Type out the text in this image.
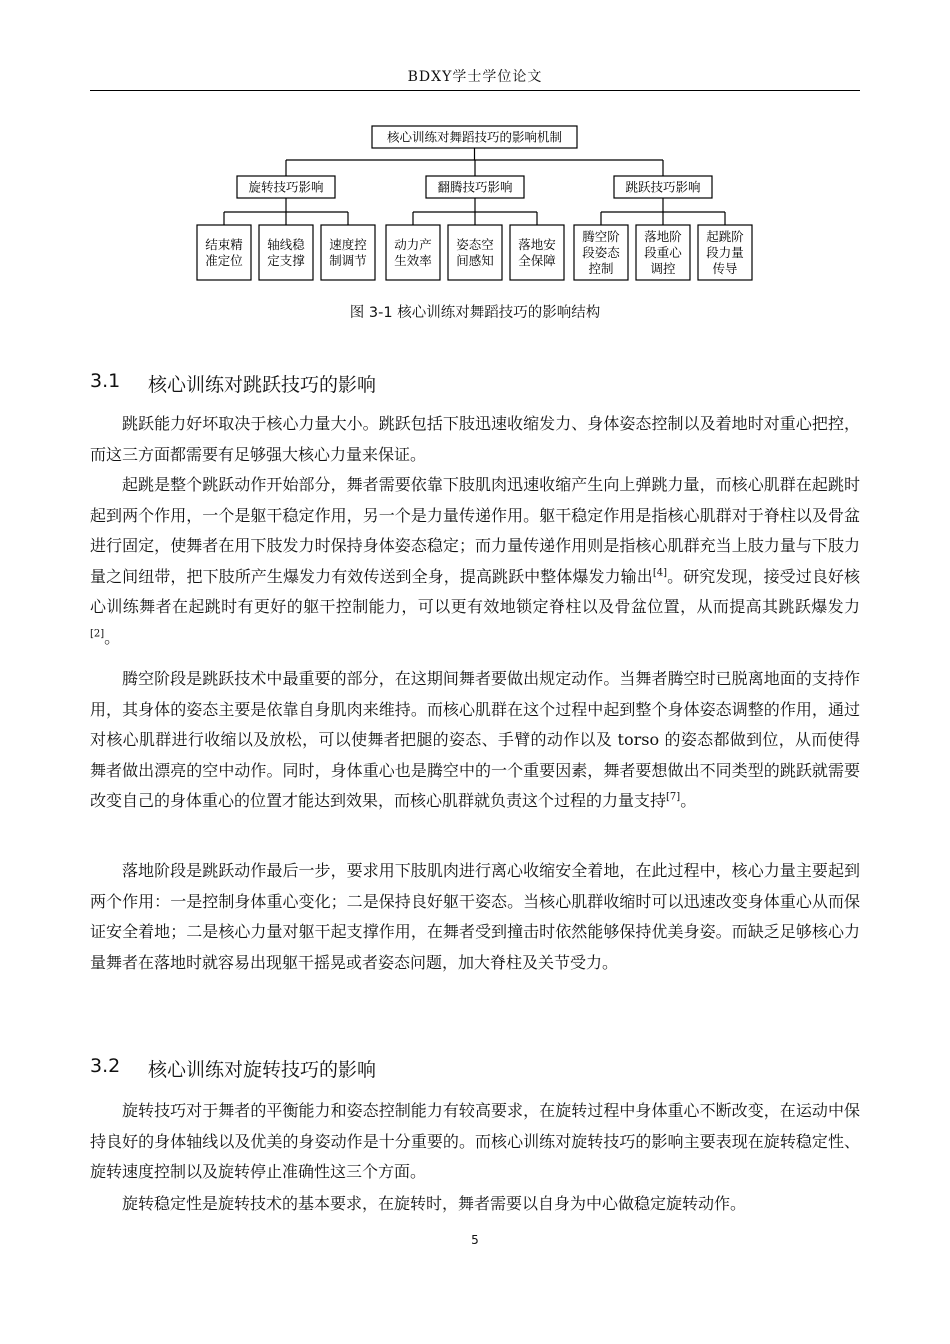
BDXY学士学位论文
核心训练对舞蹈技巧的影响机制
旋转技巧影响
结束精
准定位
轴线稳
定支撑
速度控
制调节
翻腾技巧影响
动力产
生效率
姿态空
间感知
落地安
全保障
跳跃技巧影响
腾空阶
段姿态
控制
落地阶
段重心
调控
起跳阶
段力量
传导
图 3-1 核心训练对舞蹈技巧的影响结构
3.1	核心训练对跳跃技巧的影响

跳跃能力好坏取决于核心力量大小。跳跃包括下肢迅速收缩发力、身体姿态控制以及着地时对重心把控，而这三方面都需要有足够强大核心力量来保证。

起跳是整个跳跃动作开始部分，舞者需要依靠下肢肌肉迅速收缩产生向上弹跳力量，而核心肌群在起跳时起到两个作用，一个是躯干稳定作用，另一个是力量传递作用。躯干稳定作用是指核心肌群对于脊柱以及骨盆进行固定，使舞者在用下肢发力时保持身体姿态稳定；而力量传递作用则是指核心肌群充当上肢力量与下肢力量之间纽带，把下肢所产生爆发力有效传送到全身，提高跳跃中整体爆发力输出[4]。研究发现，接受过良好核心训练舞者在起跳时有更好的躯干控制能力，可以更有效地锁定脊柱以及骨盆位置，从而提高其跳跃爆发力[2]。

腾空阶段是跳跃技术中最重要的部分，在这期间舞者要做出规定动作。当舞者腾空时已脱离地面的支持作用，其身体的姿态主要是依靠自身肌肉来维持。而核心肌群在这个过程中起到整个身体姿态调整的作用，通过对核心肌群进行收缩以及放松，可以使舞者把腿的姿态、手臂的动作以及 torso 的姿态都做到位，从而使得舞者做出漂亮的空中动作。同时，身体重心也是腾空中的一个重要因素，舞者要想做出不同类型的跳跃就需要改变自己的身体重心的位置才能达到效果，而核心肌群就负责这个过程的力量支持[7]。

落地阶段是跳跃动作最后一步，要求用下肢肌肉进行离心收缩安全着地，在此过程中，核心力量主要起到两个作用：一是控制身体重心变化；二是保持良好躯干姿态。当核心肌群收缩时可以迅速改变身体重心从而保证安全着地；二是核心力量对躯干起支撑作用，在舞者受到撞击时依然能够保持优美身姿。而缺乏足够核心力量舞者在落地时就容易出现躯干摇晃或者姿态问题，加大脊柱及关节受力。

3.2	核心训练对旋转技巧的影响

旋转技巧对于舞者的平衡能力和姿态控制能力有较高要求，在旋转过程中身体重心不断改变，在运动中保持良好的身体轴线以及优美的身姿动作是十分重要的。而核心训练对旋转技巧的影响主要表现在旋转稳定性、旋转速度控制以及旋转停止准确性这三个方面。

旋转稳定性是旋转技术的基本要求，在旋转时，舞者需要以自身为中心做稳定旋转动作。

5
